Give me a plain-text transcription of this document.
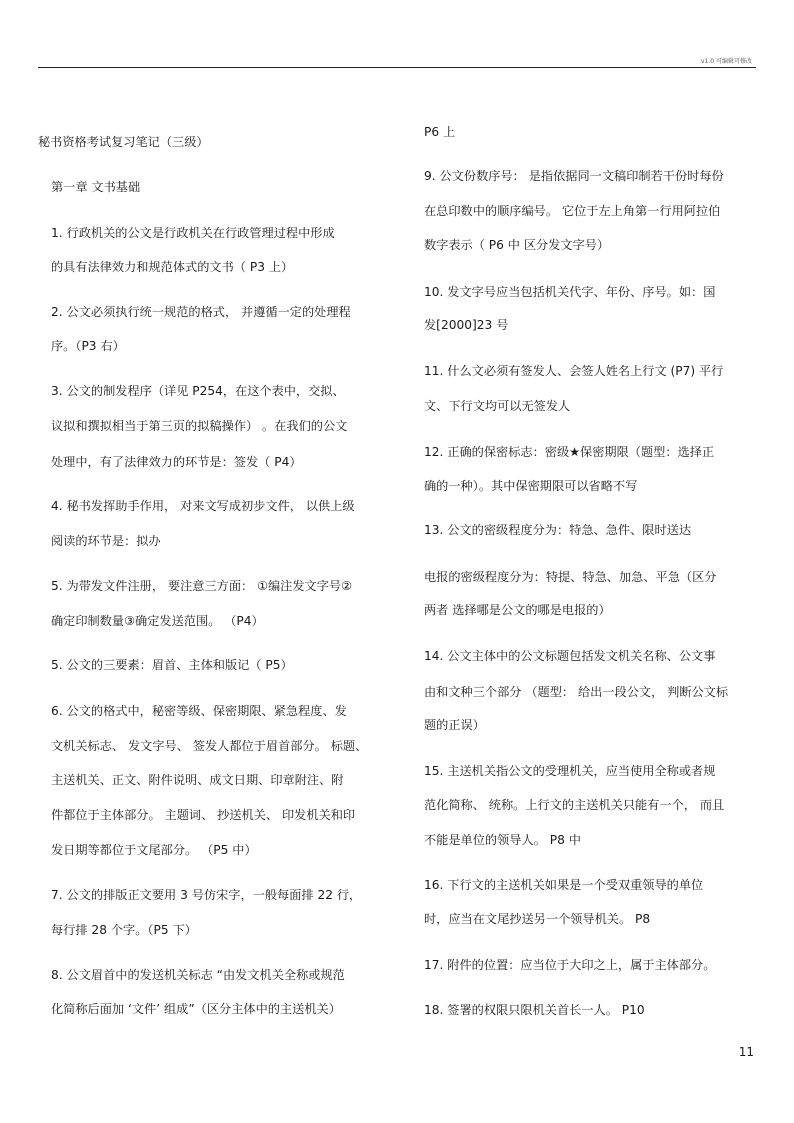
v1.0 可编辑可修改
秘书资格考试复习笔记（三级）
第一章 文书基础
1. 行政机关的公文是行政机关在行政管理过程中形成
的具有法律效力和规范体式的文书（ P3 上）
2. 公文必须执行统一规范的格式， 并遵循一定的处理程
序。（P3 右）
3. 公文的制发程序（详见 P254，在这个表中，交拟、
议拟和撰拟相当于第三页的拟稿操作） 。在我们的公文
处理中，有了法律效力的环节是：签发（ P4）
4. 秘书发挥助手作用， 对来文写成初步文件， 以供上级
阅读的环节是：拟办
5. 为带发文件注册， 要注意三方面： ①编注发文字号②
确定印制数量③确定发送范围。 （P4）
5. 公文的三要素：眉首、主体和版记（ P5）
6. 公文的格式中，秘密等级、保密期限、紧急程度、发
文机关标志、 发文字号、 签发人都位于眉首部分。 标题、
主送机关、正文、附件说明、成文日期、印章附注、附
件都位于主体部分。 主题词、 抄送机关、 印发机关和印
发日期等都位于文尾部分。 （P5 中）
7. 公文的排版正文要用 3 号仿宋字，一般每面排 22 行，
每行排 28 个字。（P5 下）
8. 公文眉首中的发送机关标志 “由发文机关全称或规范
化简称后面加 ‘文件’ 组成”（区分主体中的主送机关）
P6 上
9. 公文份数序号： 是指依据同一文稿印制若干份时每份
在总印数中的顺序编号。 它位于左上角第一行用阿拉伯
数字表示（ P6 中 区分发文字号）
10. 发文字号应当包括机关代字、年份、序号。如：国
发[2000]23 号
11. 什么文必须有签发人、会签人姓名上行文 (P7) 平行
文、下行文均可以无签发人
12. 正确的保密标志：密级★保密期限（题型：选择正
确的一种）。其中保密期限可以省略不写
13. 公文的密级程度分为：特急、急件、限时送达
电报的密级程度分为：特提、特急、加急、平急（区分
两者 选择哪是公文的哪是电报的）
14. 公文主体中的公文标题包括发文机关名称、公文事
由和文种三个部分 （题型： 给出一段公文， 判断公文标
题的正误）
15. 主送机关指公文的受理机关，应当使用全称或者规
范化简称、 统称。上行文的主送机关只能有一个， 而且
不能是单位的领导人。 P8 中
16. 下行文的主送机关如果是一个受双重领导的单位
时，应当在文尾抄送另一个领导机关。 P8
17. 附件的位置：应当位于大印之上，属于主体部分。
18. 签署的权限只限机关首长一人。 P10
11
